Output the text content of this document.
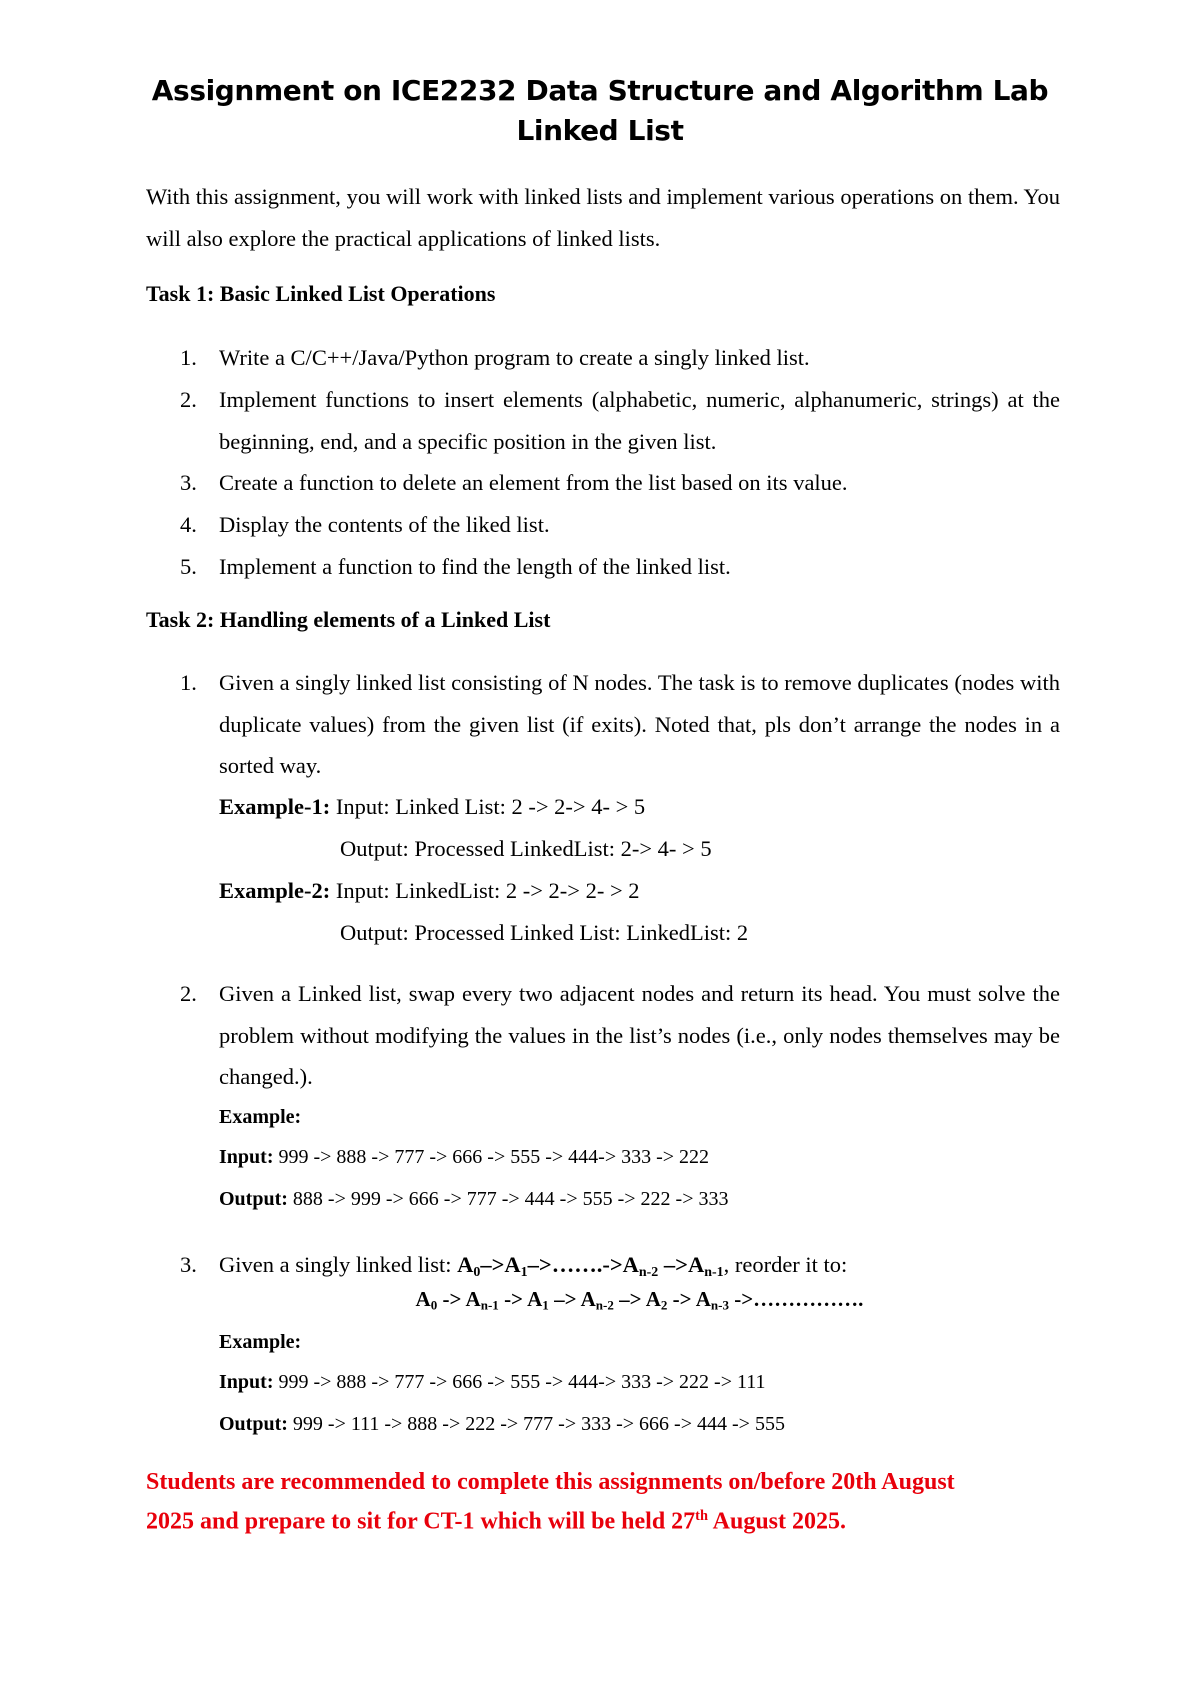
Assignment on ICE2232 Data Structure and Algorithm Lab
Linked List
With this assignment, you will work with linked lists and implement various operations on them. You will also explore the practical applications of linked lists.
Task 1: Basic Linked List Operations
1. Write a C/C++/Java/Python program to create a singly linked list.
2. Implement functions to insert elements (alphabetic, numeric, alphanumeric, strings) at the beginning, end, and a specific position in the given list.
3. Create a function to delete an element from the list based on its value.
4. Display the contents of the liked list.
5. Implement a function to find the length of the linked list.
Task 2: Handling elements of a Linked List
1. Given a singly linked list consisting of N nodes. The task is to remove duplicates (nodes with duplicate values) from the given list (if exits). Noted that, pls don’t arrange the nodes in a sorted way.
Example-1: Input: Linked List: 2 -> 2-> 4- > 5
Output: Processed LinkedList: 2-> 4- > 5
Example-2: Input: LinkedList: 2 -> 2-> 2- > 2
Output: Processed Linked List: LinkedList: 2
2. Given a Linked list, swap every two adjacent nodes and return its head. You must solve the problem without modifying the values in the list’s nodes (i.e., only nodes themselves may be changed.).
Example:
Input: 999 -> 888 -> 777 -> 666 -> 555 -> 444-> 333 -> 222
Output: 888 -> 999 -> 666 -> 777 -> 444 -> 555 -> 222 -> 333
3. Given a singly linked list: $A_0->A_1->\dots\dots.->A_{n-2}$ $->A_{n-1}$, reorder it to:
$A_0 -> A_{n-1} -> A_1 -> A_{n-2} -> A_2 -> A_{n-3}$ ->…………….
Example:
Input: 999 -> 888 -> 777 -> 666 -> 555 -> 444-> 333 -> 222 -> 111
Output: 999 -> 111 -> 888 -> 222 -> 777 -> 333 -> 666 -> 444 -> 555
Students are recommended to complete this assignments on/before 20th August
2025 and prepare to sit for CT-1 which will be held 27th August 2025.
